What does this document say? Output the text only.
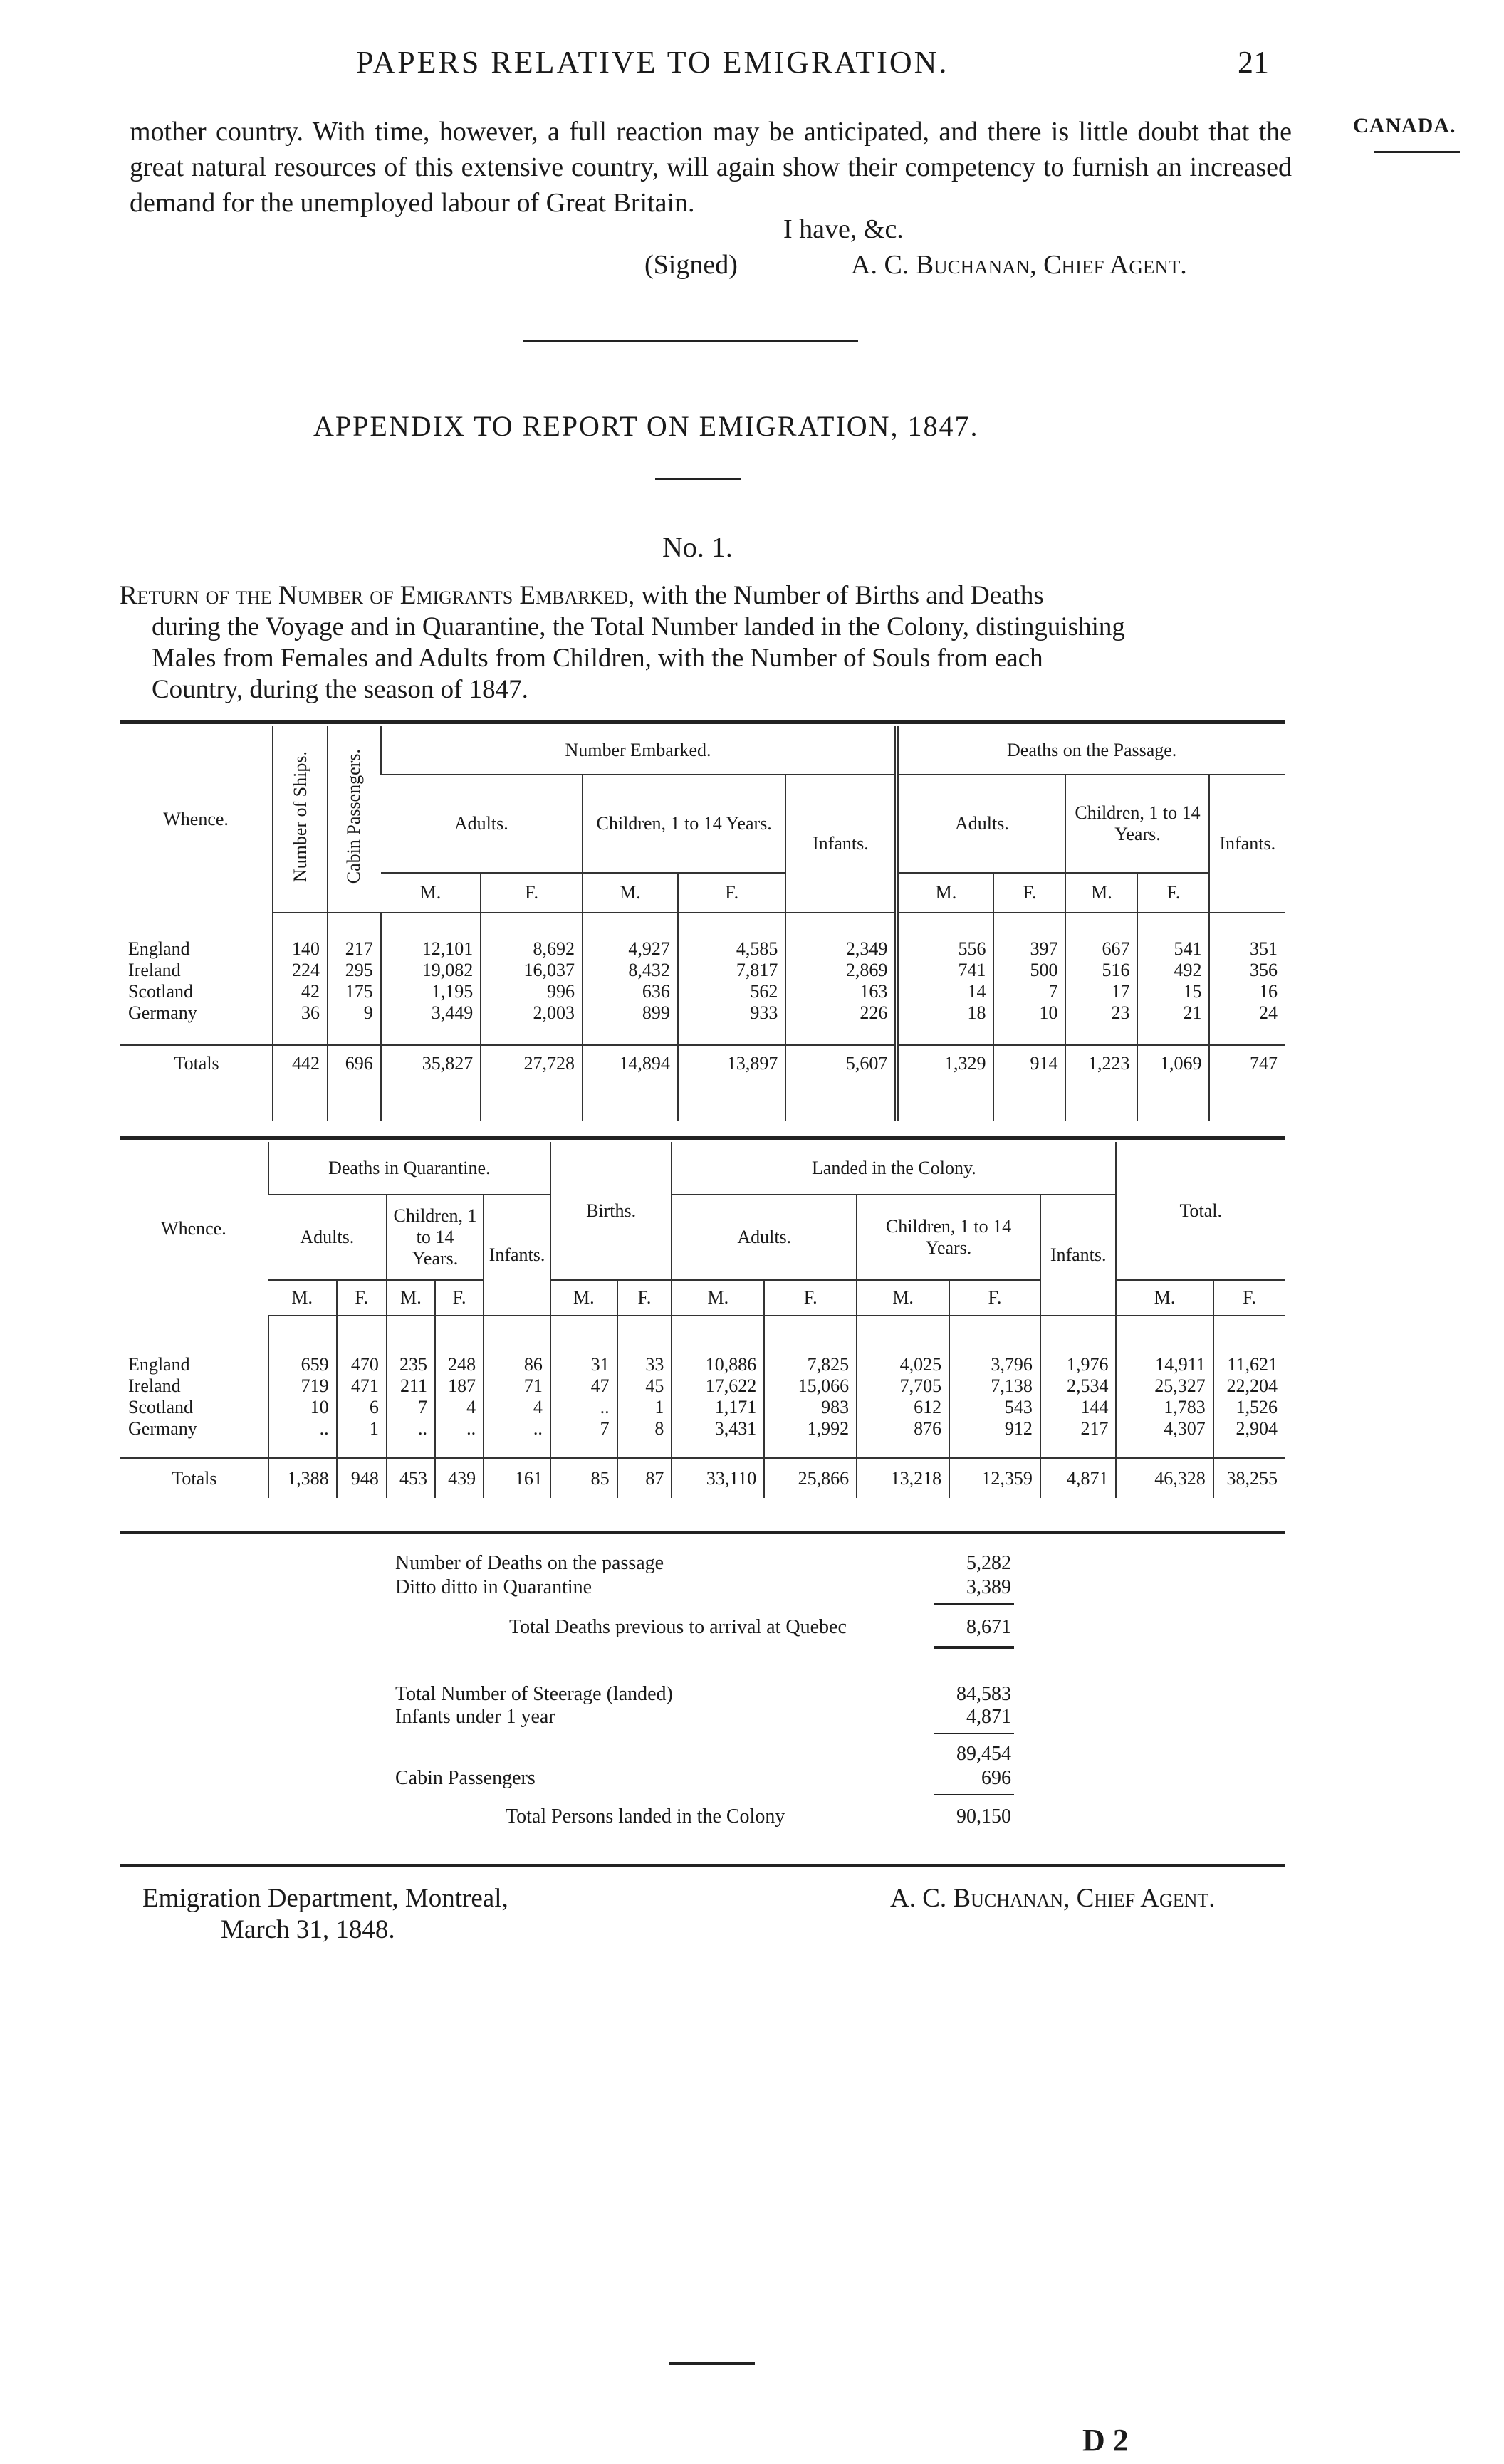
PAPERS RELATIVE TO EMIGRATION.	21
CANADA.
mother country. With time, however, a full reaction may be anticipated, and there is little doubt that the great natural resources of this extensive country, will again show their competency to furnish an increased demand for the unemployed labour of Great Britain.
I have, &c.
(Signed)	A. C. Buchanan, Chief Agent.
APPENDIX TO REPORT ON EMIGRATION, 1847.
No. 1.
Return of the Number of Emigrants Embarked, with the Number of Births and Deaths
during the Voyage and in Quarantine, the Total Number landed in the Colony, distinguishing
Males from Females and Adults from Children, with the Number of Souls from each
Country, during the season of 1847.
Whence.	Number of Ships.	Cabin Passengers.	Number Embarked.					Deaths on the Passage.				
			Adults.		Children, 1 to 14 Years.		Infants.	Adults.		Children, 1 to 14 Years.		Infants.
			M.	F.	M.	F.		M.	F.	M.	F.	

England	140	217	12,101	8,692	4,927	4,585	2,349	556	397	667	541	351
Ireland	224	295	19,082	16,037	8,432	7,817	2,869	741	500	516	492	356
Scotland	42	175	1,195	996	636	562	163	14	7	17	15	16
Germany	36	9	3,449	2,003	899	933	226	18	10	23	21	24

Totals	442	696	35,827	27,728	14,894	13,897	5,607	1,329	914	1,223	1,069	747

Whence.	Deaths in Quarantine.					Births.		Landed in the Colony.					Total.	
	Adults.		Children, 1 to 14 Years.		Infants.			Adults.		Children, 1 to 14 Years.		Infants.		
	M.	F.	M.	F.		M.	F.	M.	F.	M.	F.		M.	F.

England	659	470	235	248	86	31	33	10,886	7,825	4,025	3,796	1,976	14,911	11,621
Ireland	719	471	211	187	71	47	45	17,622	15,066	7,705	7,138	2,534	25,327	22,204
Scotland	10	6	7	4	4	..	1	1,171	983	612	543	144	1,783	1,526
Germany	..	1	..	..	..	7	8	3,431	1,992	876	912	217	4,307	2,904

Totals	1,388	948	453	439	161	85	87	33,110	25,866	13,218	12,359	4,871	46,328	38,255
Number of Deaths on the passage	5,282
Ditto ditto in Quarantine	3,389
Total Deaths previous to arrival at Quebec	8,671
Total Number of Steerage (landed)	84,583
Infants under 1 year	4,871
89,454
Cabin Passengers	696
Total Persons landed in the Colony	90,150
Emigration Department, Montreal,
March 31, 1848.
A. C. Buchanan, Chief Agent.
D 2
